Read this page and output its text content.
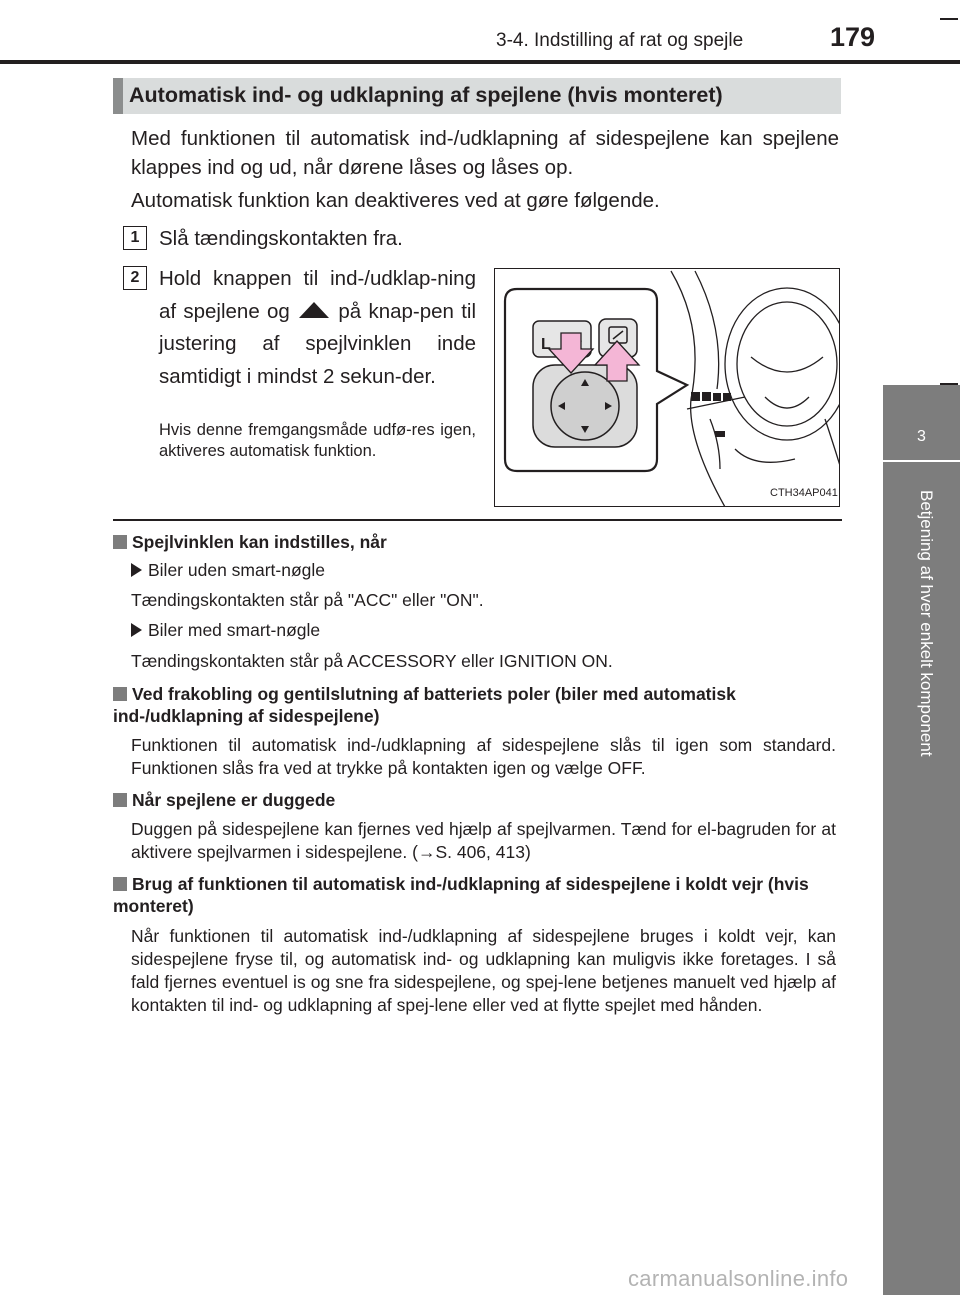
3-4. Indstilling af rat og spejle	179
3
Betjening af hver enkelt komponent
Automatisk ind- og udklapning af spejlene (hvis monteret)
Med funktionen til automatisk ind-/udklapning af sidespejlene kan spejlene klappes ind og ud, når dørene låses og låses op.
Automatisk funktion kan deaktiveres ved at gøre følgende.
1 Slå tændingskontakten fra.
2 Hold knappen til ind-/udklap-ning af spejlene og på knap-pen til justering af spejlvinklen inde samtidigt i mindst 2 sekun-der.
Hvis denne fremgangsmåde udfø-res igen, aktiveres automatisk funktion.
L
CTH34AP041
Spejlvinklen kan indstilles, når
Biler uden smart-nøgle
Tændingskontakten står på "ACC" eller "ON".
Biler med smart-nøgle
Tændingskontakten står på ACCESSORY eller IGNITION ON.
Ved frakobling og gentilslutning af batteriets poler (biler med automatisk ind-/udklapning af sidespejlene)
Funktionen til automatisk ind-/udklapning af sidespejlene slås til igen som standard. Funktionen slås fra ved at trykke på kontakten igen og vælge OFF.
Når spejlene er duggede
Duggen på sidespejlene kan fjernes ved hjælp af spejlvarmen. Tænd for el-bagruden for at aktivere spejlvarmen i sidespejlene. (→S. 406, 413)
Brug af funktionen til automatisk ind-/udklapning af sidespejlene i koldt vejr (hvis monteret)
Når funktionen til automatisk ind-/udklapning af sidespejlene bruges i koldt vejr, kan sidespejlene fryse til, og automatisk ind- og udklapning kan muligvis ikke foretages. I så fald fjernes eventuel is og sne fra sidespejlene, og spej-lene betjenes manuelt ved hjælp af kontakten til ind- og udklapning af spej-lene eller ved at flytte spejlet med hånden.
carmanualsonline.info
